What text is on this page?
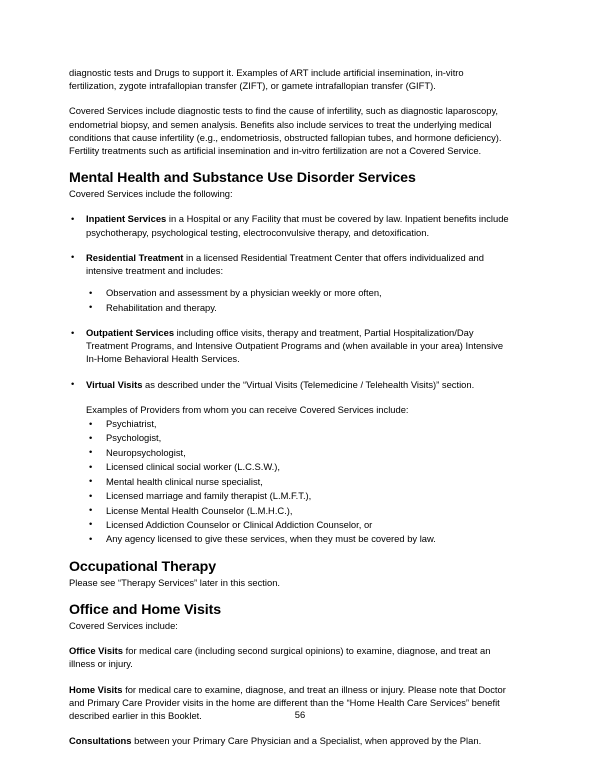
diagnostic tests and Drugs to support it. Examples of ART include artificial insemination, in-vitro fertilization, zygote intrafallopian transfer (ZIFT), or gamete intrafallopian transfer (GIFT).

Covered Services include diagnostic tests to find the cause of infertility, such as diagnostic laparoscopy, endometrial biopsy, and semen analysis. Benefits also include services to treat the underlying medical conditions that cause infertility (e.g., endometriosis, obstructed fallopian tubes, and hormone deficiency). Fertility treatments such as artificial insemination and in-vitro fertilization are not a Covered Service.

Mental Health and Substance Use Disorder Services

Covered Services include the following:

• Inpatient Services in a Hospital or any Facility that must be covered by law. Inpatient benefits include psychotherapy, psychological testing, electroconvulsive therapy, and detoxification.
• Residential Treatment in a licensed Residential Treatment Center that offers individualized and intensive treatment and includes:
• Observation and assessment by a physician weekly or more often,
• Rehabilitation and therapy.
• Outpatient Services including office visits, therapy and treatment, Partial Hospitalization/Day Treatment Programs, and Intensive Outpatient Programs and (when available in your area) Intensive In-Home Behavioral Health Services.
• Virtual Visits as described under the “Virtual Visits (Telemedicine / Telehealth Visits)” section.
Examples of Providers from whom you can receive Covered Services include:
• Psychiatrist,
• Psychologist,
• Neuropsychologist,
• Licensed clinical social worker (L.C.S.W.),
• Mental health clinical nurse specialist,
• Licensed marriage and family therapist (L.M.F.T.),
• License Mental Health Counselor (L.M.H.C.),
• Licensed Addiction Counselor or Clinical Addiction Counselor, or
• Any agency licensed to give these services, when they must be covered by law.
Occupational Therapy

Please see “Therapy Services” later in this section.

Office and Home Visits

Covered Services include:

Office Visits for medical care (including second surgical opinions) to examine, diagnose, and treat an illness or injury.

Home Visits for medical care to examine, diagnose, and treat an illness or injury. Please note that Doctor and Primary Care Provider visits in the home are different than the “Home Health Care Services” benefit described earlier in this Booklet.

Consultations between your Primary Care Physician and a Specialist, when approved by the Plan.

56
